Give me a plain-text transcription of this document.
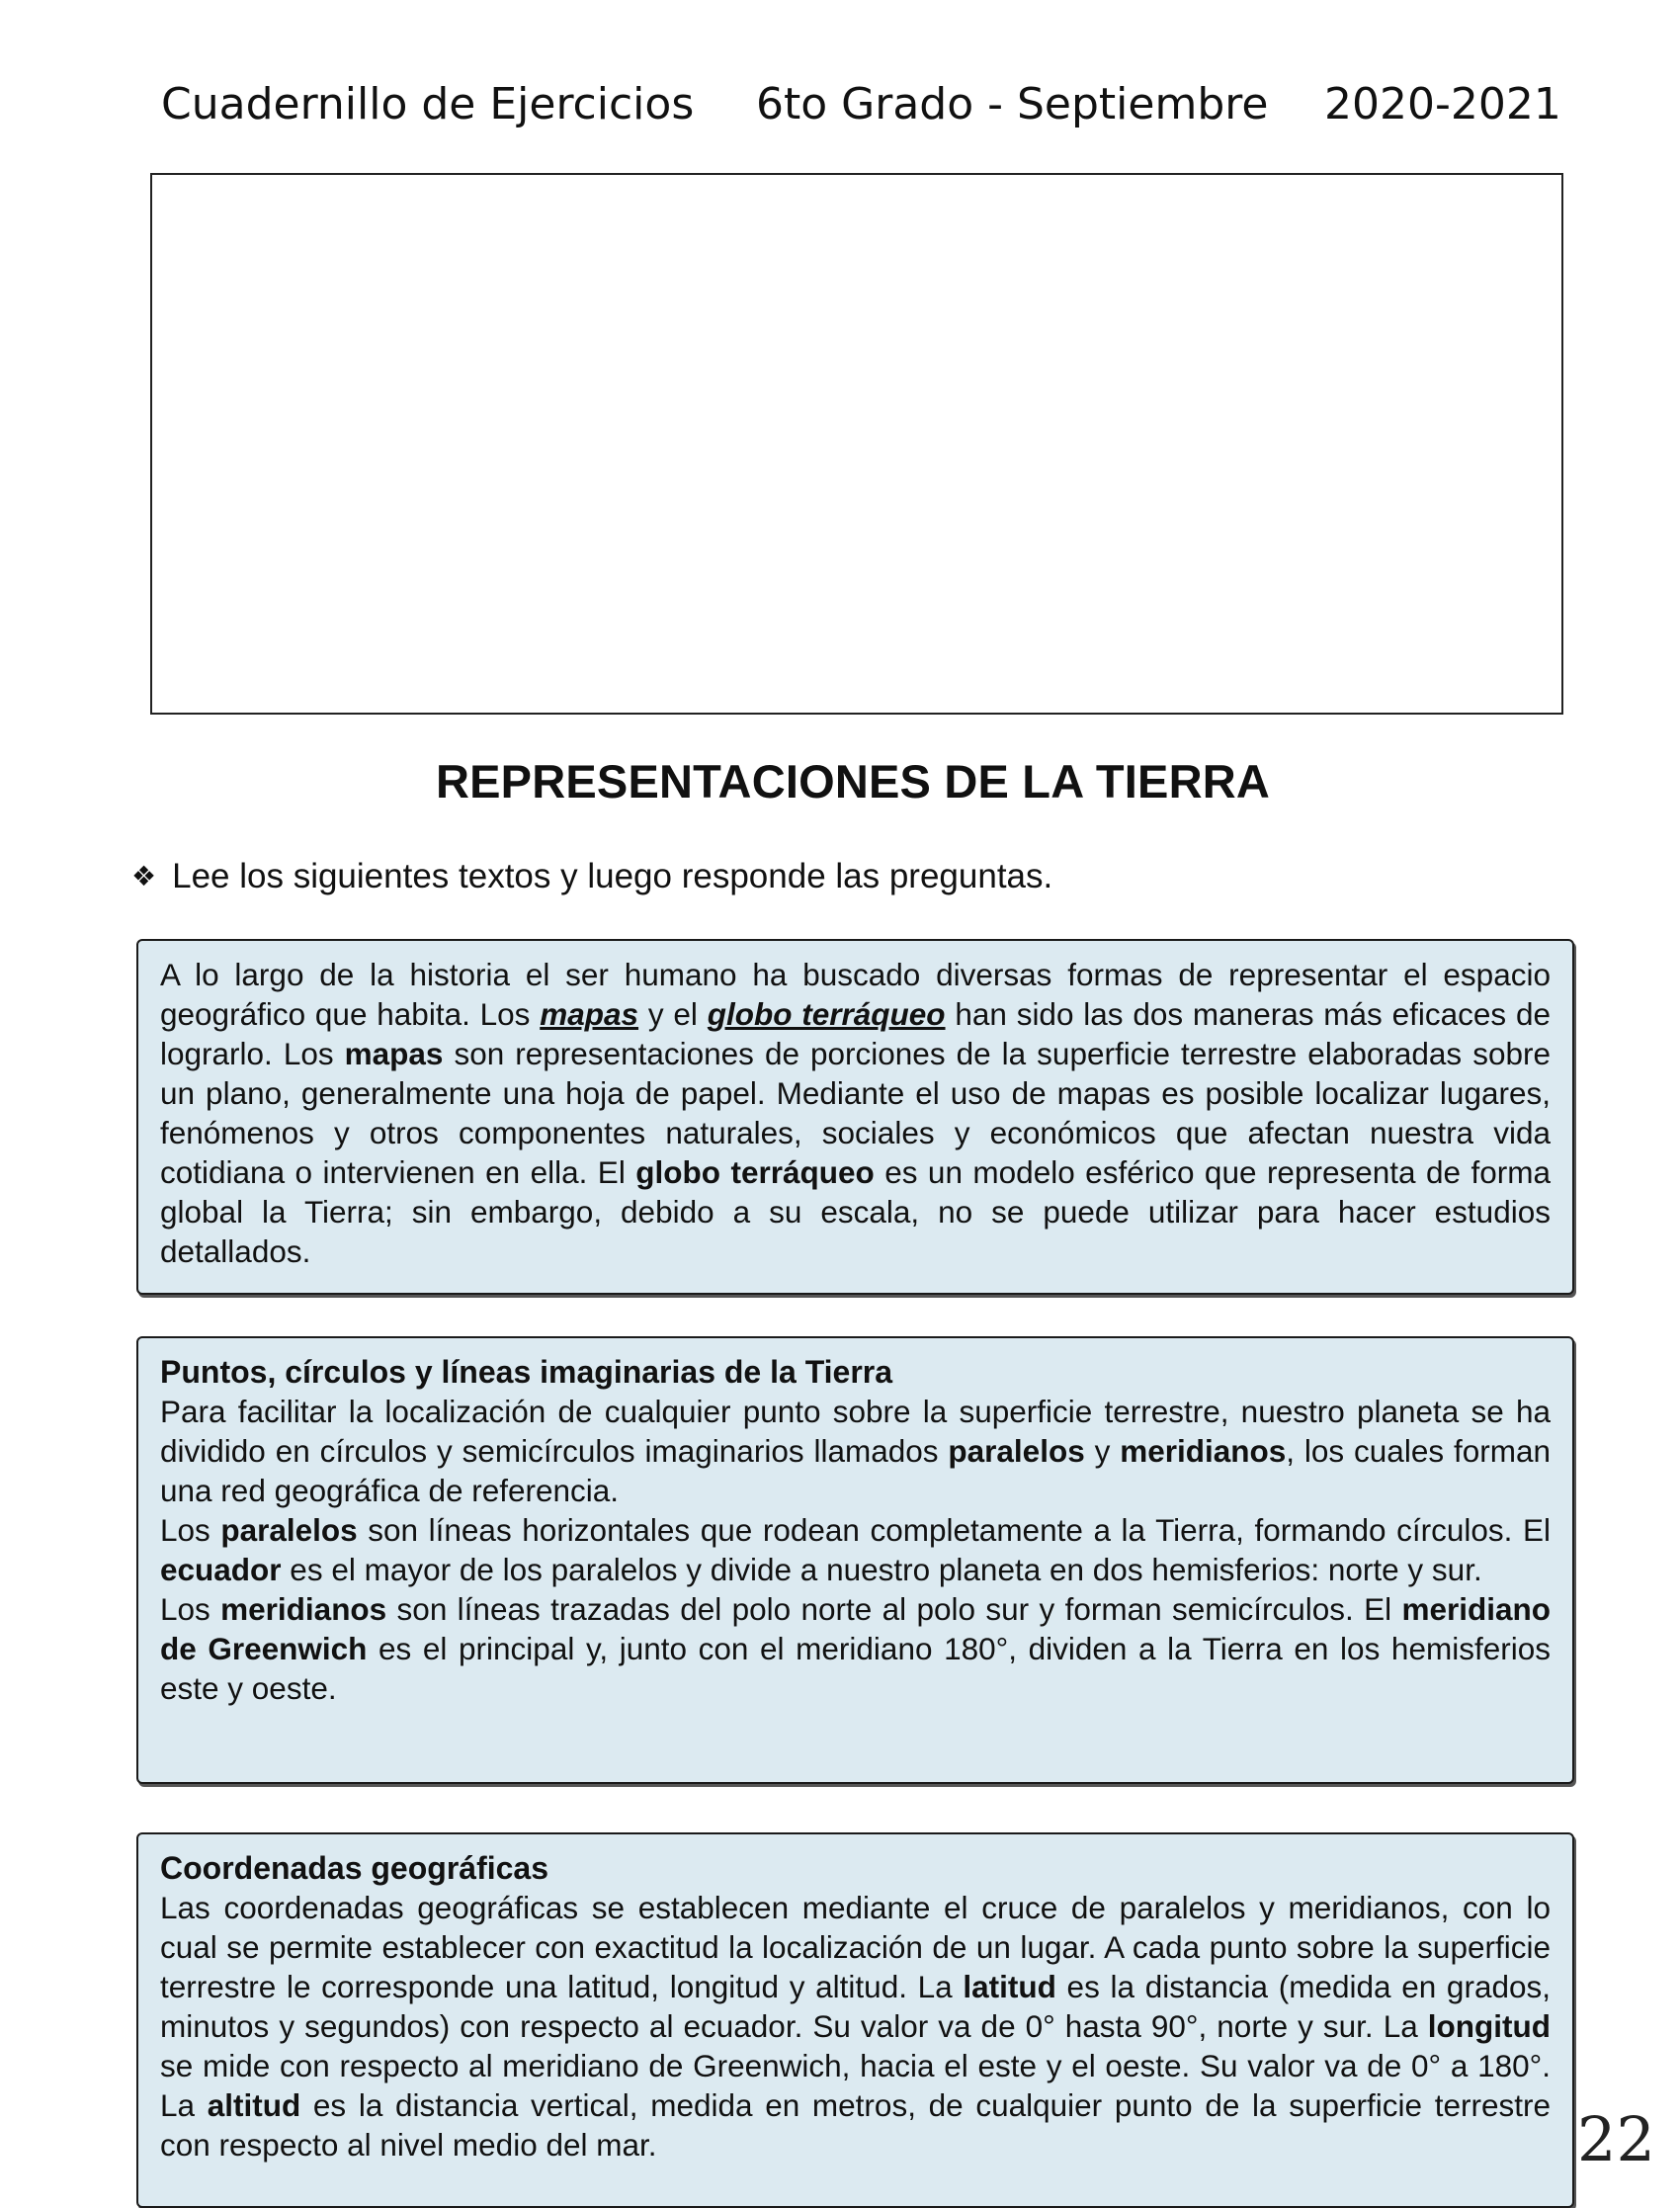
Cuadernillo de Ejercicios 6to Grado - Septiembre 2020-2021
REPRESENTACIONES DE LA TIERRA
❖ Lee los siguientes textos y luego responde las preguntas.

A lo largo de la historia el ser humano ha buscado diversas formas de representar el espacio geográfico que habita. Los mapas y el globo terráqueo han sido las dos maneras más eficaces de lograrlo. Los mapas son representaciones de porciones de la superficie terrestre elaboradas sobre un plano, generalmente una hoja de papel. Mediante el uso de mapas es posible localizar lugares, fenómenos y otros componentes naturales, sociales y económicos que afectan nuestra vida cotidiana o intervienen en ella. El globo terráqueo es un modelo esférico que representa de forma global la Tierra; sin embargo, debido a su escala, no se puede utilizar para hacer estudios detallados.

Puntos, círculos y líneas imaginarias de la Tierra

Para facilitar la localización de cualquier punto sobre la superficie terrestre, nuestro planeta se ha dividido en círculos y semicírculos imaginarios llamados paralelos y meridianos, los cuales forman una red geográfica de referencia.

Los paralelos son líneas horizontales que rodean completamente a la Tierra, formando círculos. El ecuador es el mayor de los paralelos y divide a nuestro planeta en dos hemisferios: norte y sur.

Los meridianos son líneas trazadas del polo norte al polo sur y forman semicírculos. El meridiano de Greenwich es el principal y, junto con el meridiano 180°, dividen a la Tierra en los hemisferios este y oeste.

Coordenadas geográficas

Las coordenadas geográficas se establecen mediante el cruce de paralelos y meridianos, con lo cual se permite establecer con exactitud la localización de un lugar. A cada punto sobre la superficie terrestre le corresponde una latitud, longitud y altitud. La latitud es la distancia (medida en grados, minutos y segundos) con respecto al ecuador. Su valor va de 0° hasta 90°, norte y sur. La longitud se mide con respecto al meridiano de Greenwich, hacia el este y el oeste. Su valor va de 0° a 180°. La altitud es la distancia vertical, medida en metros, de cualquier punto de la superficie terrestre con respecto al nivel medio del mar.	22
